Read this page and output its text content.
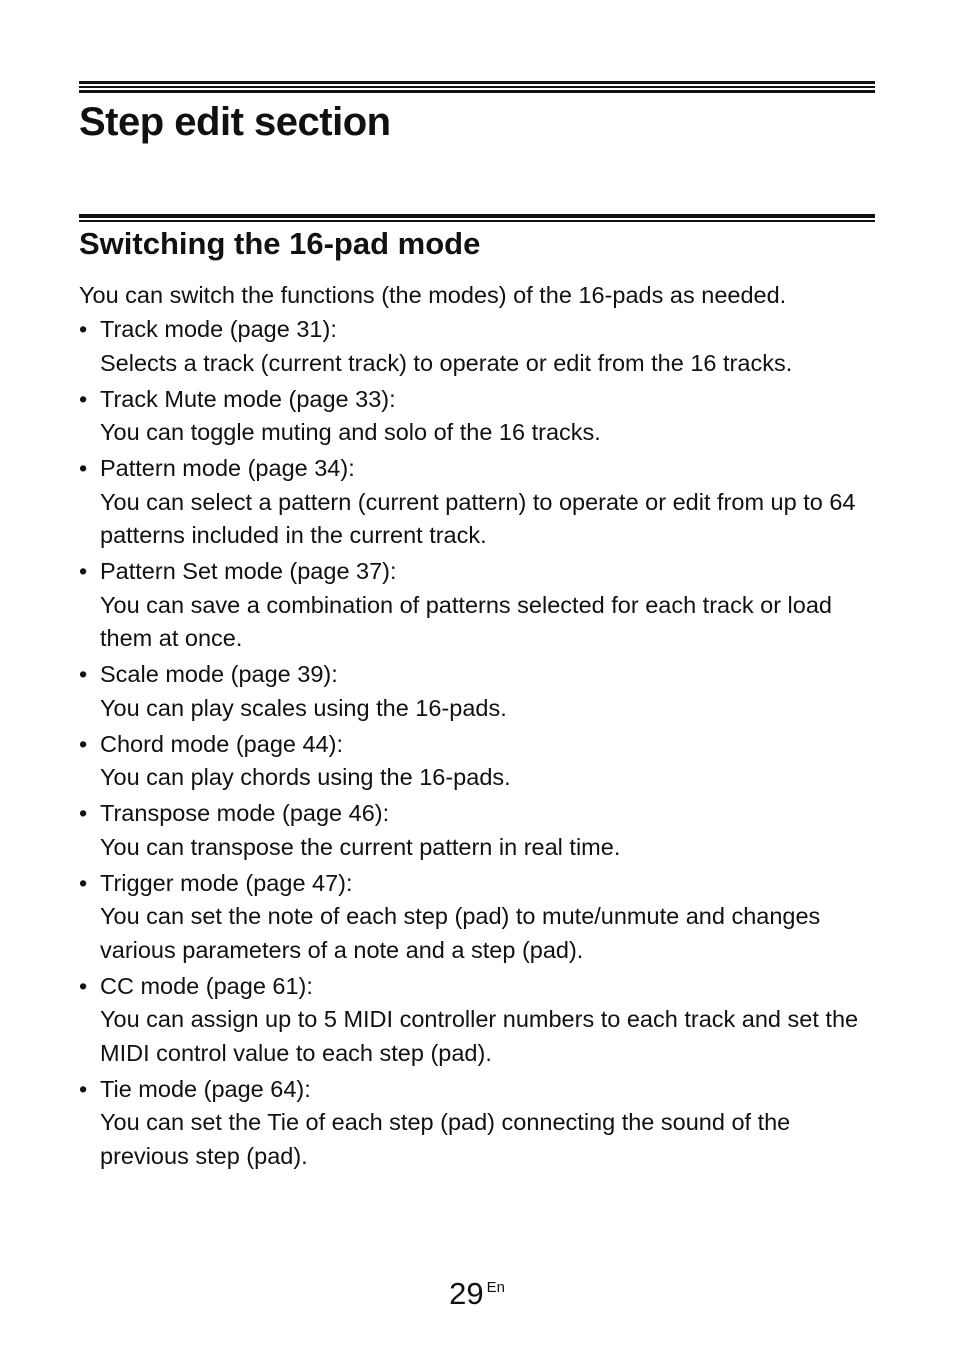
Step edit section
Switching the 16-pad mode

You can switch the functions (the modes) of the 16-pads as needed.

• Track mode (page 31):
Selects a track (current track) to operate or edit from the 16 tracks.
• Track Mute mode (page 33):
You can toggle muting and solo of the 16 tracks.
• Pattern mode (page 34):
You can select a pattern (current pattern) to operate or edit from up to 64 patterns included in the current track.
• Pattern Set mode (page 37):
You can save a combination of patterns selected for each track or load them at once.
• Scale mode (page 39):
You can play scales using the 16-pads.
• Chord mode (page 44):
You can play chords using the 16-pads.
• Transpose mode (page 46):
You can transpose the current pattern in real time.
• Trigger mode (page 47):
You can set the note of each step (pad) to mute/unmute and changes various parameters of a note and a step (pad).
• CC mode (page 61):
You can assign up to 5 MIDI controller numbers to each track and set the MIDI control value to each step (pad).
• Tie mode (page 64):
You can set the Tie of each step (pad) connecting the sound of the previous step (pad).
29 En
